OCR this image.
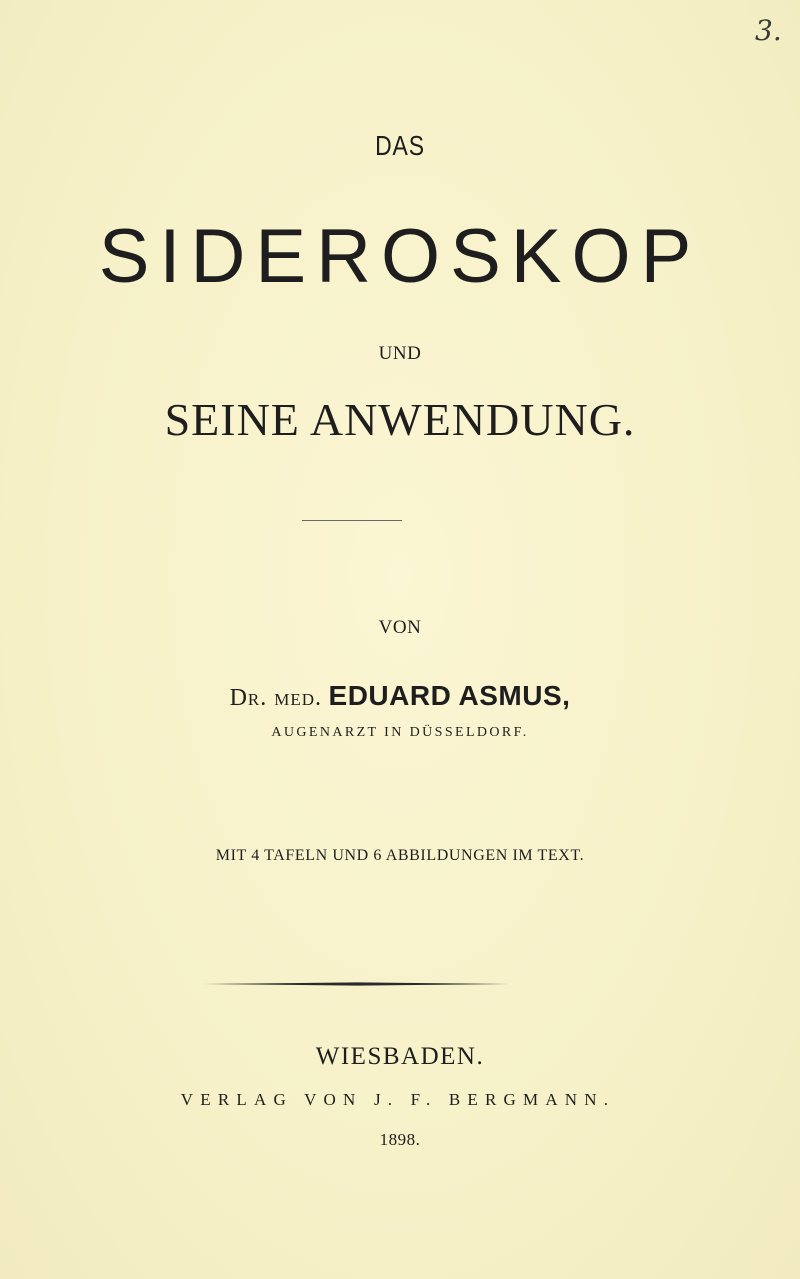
3.
DAS
SIDEROSKOP
UND
SEINE ANWENDUNG.
VON
Dr. med. EDUARD ASMUS,
AUGENARZT IN DÜSSELDORF.
MIT 4 TAFELN UND 6 ABBILDUNGEN IM TEXT.
WIESBADEN.
VERLAG VON J. F. BERGMANN.
1898.
